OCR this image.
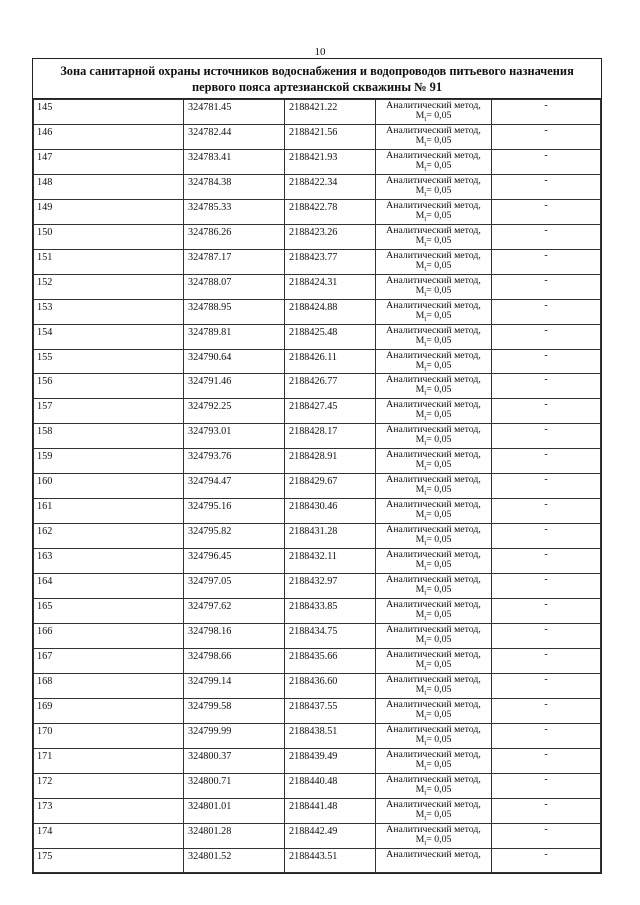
10
Зона санитарной охраны источников водоснабжения и водопроводов питьевого назначения
первого пояса артезианской скважины № 91
145	324781.45	2188421.22	Аналитический метод,
$M_t= 0,05$	-
146	324782.44	2188421.56	Аналитический метод,
$M_t= 0,05$	-
147	324783.41	2188421.93	Аналитический метод,
$M_t= 0,05$	-
148	324784.38	2188422.34	Аналитический метод,
$M_t= 0,05$	-
149	324785.33	2188422.78	Аналитический метод,
$M_t= 0,05$	-
150	324786.26	2188423.26	Аналитический метод,
$M_t= 0,05$	-
151	324787.17	2188423.77	Аналитический метод,
$M_t= 0,05$	-
152	324788.07	2188424.31	Аналитический метод,
$M_t= 0,05$	-
153	324788.95	2188424.88	Аналитический метод,
$M_t= 0,05$	-
154	324789.81	2188425.48	Аналитический метод,
$M_t= 0,05$	-
155	324790.64	2188426.11	Аналитический метод,
$M_t= 0,05$	-
156	324791.46	2188426.77	Аналитический метод,
$M_t= 0,05$	-
157	324792.25	2188427.45	Аналитический метод,
$M_t= 0,05$	-
158	324793.01	2188428.17	Аналитический метод,
$M_t= 0,05$	-
159	324793.76	2188428.91	Аналитический метод,
$M_t= 0,05$	-
160	324794.47	2188429.67	Аналитический метод,
$M_t= 0,05$	-
161	324795.16	2188430.46	Аналитический метод,
$M_t= 0,05$	-
162	324795.82	2188431.28	Аналитический метод,
$M_t= 0,05$	-
163	324796.45	2188432.11	Аналитический метод,
$M_t= 0,05$	-
164	324797.05	2188432.97	Аналитический метод,
$M_t= 0,05$	-
165	324797.62	2188433.85	Аналитический метод,
$M_t= 0,05$	-
166	324798.16	2188434.75	Аналитический метод,
$M_t= 0,05$	-
167	324798.66	2188435.66	Аналитический метод,
$M_t= 0,05$	-
168	324799.14	2188436.60	Аналитический метод,
$M_t= 0,05$	-
169	324799.58	2188437.55	Аналитический метод,
$M_t= 0,05$	-
170	324799.99	2188438.51	Аналитический метод,
$M_t= 0,05$	-
171	324800.37	2188439.49	Аналитический метод,
$M_t= 0,05$	-
172	324800.71	2188440.48	Аналитический метод,
$M_t= 0,05$	-
173	324801.01	2188441.48	Аналитический метод,
$M_t= 0,05$	-
174	324801.28	2188442.49	Аналитический метод,
$M_t= 0,05$	-
175	324801.52	2188443.51	Аналитический метод,	-
